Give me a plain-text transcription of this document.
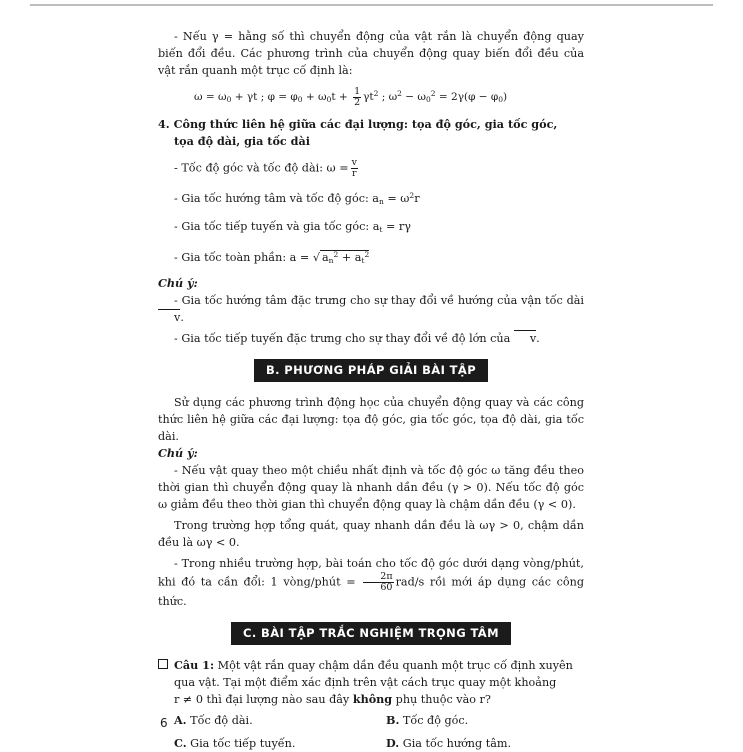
- Nếu γ = hằng số thì chuyển động của vật rắn là chuyển động quay biến đổi đều. Các phương trình của chuyển động quay biến đổi đều của vật rắn quanh một trục cố định là:

$\omega = \omega_0 + \gamma t$ ; $\varphi = \varphi_0 + \omega_0t + \frac{1}{2} \gamma t^2$ ; $\omega^2 - \omega_0^2 = 2\gamma(\varphi - \varphi_0)$

4. Công thức liên hệ giữa các đại lượng: tọa độ góc, gia tốc góc,
tọa độ dài, gia tốc dài

- Tốc độ góc và tốc độ dài: $\omega = \frac{v}{r}$

- Gia tốc hướng tâm và tốc độ góc: $a_n = \omega^2r$

- Gia tốc tiếp tuyến và gia tốc góc: $a_t = r\gamma$

- Gia tốc toàn phần: a = √ $a_n^2 + a_t^2$

Chú ý:

- Gia tốc hướng tâm đặc trưng cho sự thay đổi về hướng của vận tốc dài v.

- Gia tốc tiếp tuyến đặc trưng cho sự thay đổi về độ lớn của v.

B. PHƯƠNG PHÁP GIẢI BÀI TẬP

Sử dụng các phương trình động học của chuyển động quay và các công thức liên hệ giữa các đại lượng: tọa độ góc, gia tốc góc, tọa độ dài, gia tốc dài.

Chú ý:

- Nếu vật quay theo một chiều nhất định và tốc độ góc ω tăng đều theo thời gian thì chuyển động quay là nhanh dần đều (γ > 0). Nếu tốc độ góc ω giảm đều theo thời gian thì chuyển động quay là chậm dần đều (γ < 0).

Trong trường hợp tổng quát, quay nhanh dần đều là ωγ > 0, chậm dần đều là ωγ < 0.

- Trong nhiều trường hợp, bài toán cho tốc độ góc dưới dạng vòng/phút, khi đó ta cần đổi: 1 vòng/phút = $\frac{2\pi}{60} rad/s$ rồi mới áp dụng các công thức.

C. BÀI TẬP TRẮC NGHIỆM TRỌNG TÂM
Câu 1: Một vật rắn quay chậm dần đều quanh một trục cố định xuyên
qua vật. Tại một điểm xác định trên vật cách trục quay một khoảng
r ≠ 0 thì đại lượng nào sau đây không phụ thuộc vào r?
A. Tốc độ dài.	B. Tốc độ góc.
C. Gia tốc tiếp tuyến.	D. Gia tốc hướng tâm.
6
